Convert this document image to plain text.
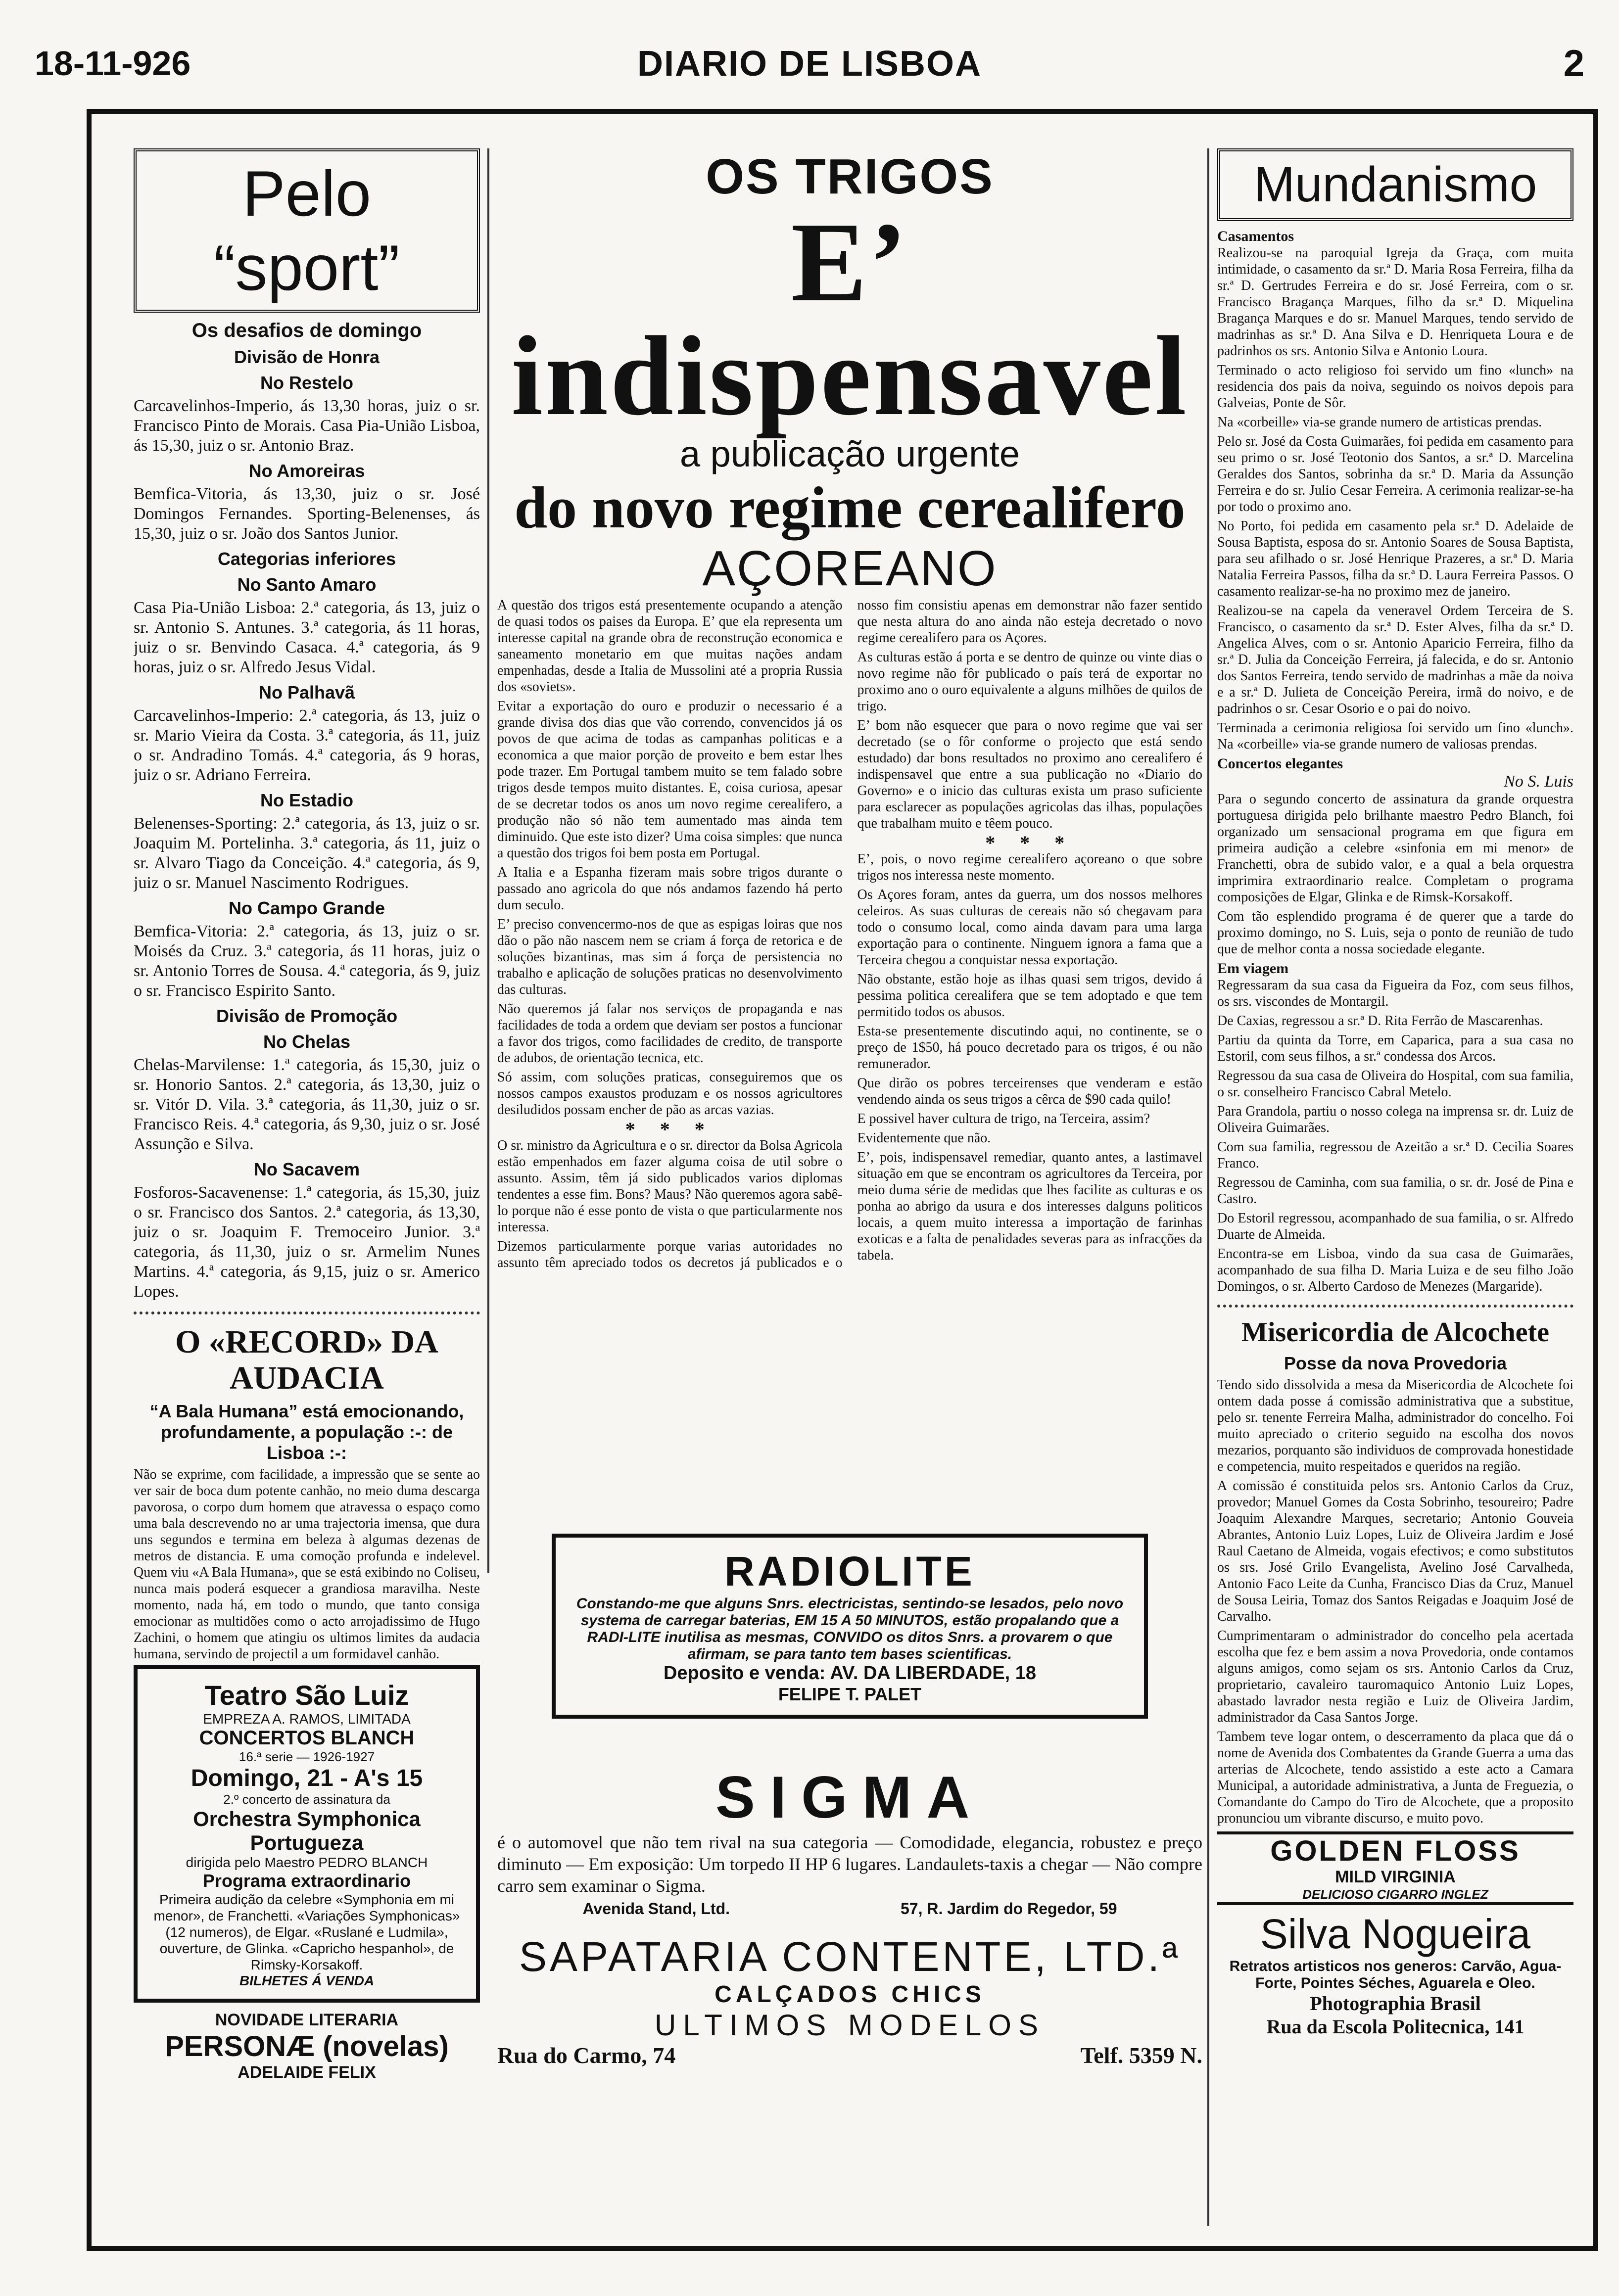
18-11-926	DIARIO DE LISBOA	2
Pelo “sport”
Os desafios de domingo
Divisão de Honra
No Restelo

Carcavelinhos-Imperio, ás 13,30 horas, juiz o sr. Francisco Pinto de Morais. Casa Pia-União Lisboa, ás 15,30, juiz o sr. Antonio Braz.

No Amoreiras

Bemfica-Vitoria, ás 13,30, juiz o sr. José Domingos Fernandes. Sporting-Belenenses, ás 15,30, juiz o sr. João dos Santos Junior.

Categorias inferiores
No Santo Amaro

Casa Pia-União Lisboa: 2.ª categoria, ás 13, juiz o sr. Antonio S. Antunes. 3.ª categoria, ás 11 horas, juiz o sr. Benvindo Casaca. 4.ª categoria, ás 9 horas, juiz o sr. Alfredo Jesus Vidal.

No Palhavã

Carcavelinhos-Imperio: 2.ª categoria, ás 13, juiz o sr. Mario Vieira da Costa. 3.ª categoria, ás 11, juiz o sr. Andradino Tomás. 4.ª categoria, ás 9 horas, juiz o sr. Adriano Ferreira.

No Estadio

Belenenses-Sporting: 2.ª categoria, ás 13, juiz o sr. Joaquim M. Portelinha. 3.ª categoria, ás 11, juiz o sr. Alvaro Tiago da Conceição. 4.ª categoria, ás 9, juiz o sr. Manuel Nascimento Rodrigues.

No Campo Grande

Bemfica-Vitoria: 2.ª categoria, ás 13, juiz o sr. Moisés da Cruz. 3.ª categoria, ás 11 horas, juiz o sr. Antonio Torres de Sousa. 4.ª categoria, ás 9, juiz o sr. Francisco Espirito Santo.

Divisão de Promoção
No Chelas

Chelas-Marvilense: 1.ª categoria, ás 15,30, juiz o sr. Honorio Santos. 2.ª categoria, ás 13,30, juiz o sr. Vitór D. Vila. 3.ª categoria, ás 11,30, juiz o sr. Francisco Reis. 4.ª categoria, ás 9,30, juiz o sr. José Assunção e Silva.

No Sacavem

Fosforos-Sacavenense: 1.ª categoria, ás 15,30, juiz o sr. Francisco dos Santos. 2.ª categoria, ás 13,30, juiz o sr. Joaquim F. Tremoceiro Junior. 3.ª categoria, ás 11,30, juiz o sr. Armelim Nunes Martins. 4.ª categoria, ás 9,15, juiz o sr. Americo Lopes.

O «RECORD» DA AUDACIA
“A Bala Humana” está emocionando, profundamente, a população :-: de Lisboa :-:

Não se exprime, com facilidade, a impressão que se sente ao ver sair de boca dum potente canhão, no meio duma descarga pavorosa, o corpo dum homem que atravessa o espaço como uma bala descrevendo no ar uma trajectoria imensa, que dura uns segundos e termina em beleza à algumas dezenas de metros de distancia. E uma comoção profunda e indelevel. Quem viu «A Bala Humana», que se está exibindo no Coliseu, nunca mais poderá esquecer a grandiosa maravilha. Neste momento, nada há, em todo o mundo, que tanto consiga emocionar as multidões como o acto arrojadissimo de Hugo Zachini, o homem que atingiu os ultimos limites da audacia humana, servindo de projectil a um formidavel canhão.

Teatro São Luiz
EMPREZA A. RAMOS, LIMITADA
CONCERTOS BLANCH
16.ª serie — 1926-1927
Domingo, 21 - A's 15
2.º concerto de assinatura da
Orchestra Symphonica Portugueza
dirigida pelo Maestro PEDRO BLANCH
Programa extraordinario
Primeira audição da celebre «Symphonia em mi menor», de Franchetti. «Variações Symphonicas» (12 numeros), de Elgar. «Ruslané e Ludmila», ouverture, de Glinka. «Capricho hespanhol», de Rimsky-Korsakoff.
BILHETES Á VENDA
NOVIDADE LITERARIA
PERSONÆ (novelas)
ADELAIDE FELIX
OS TRIGOS
E’ indispensavel
a publicação urgente
do novo regime cerealifero
AÇOREANO

A questão dos trigos está presentemente ocupando a atenção de quasi todos os paises da Europa. E’ que ela representa um interesse capital na grande obra de reconstrução economica e saneamento monetario em que muitas nações andam empenhadas, desde a Italia de Mussolini até a propria Russia dos «soviets».

Evitar a exportação do ouro e produzir o necessario é a grande divisa dos dias que vão correndo, convencidos já os povos de que acima de todas as campanhas politicas e a economica a que maior porção de proveito e bem estar lhes pode trazer. Em Portugal tambem muito se tem falado sobre trigos desde tempos muito distantes. E, coisa curiosa, apesar de se decretar todos os anos um novo regime cerealifero, a produção não só não tem aumentado mas ainda tem diminuido. Que este isto dizer? Uma coisa simples: que nunca a questão dos trigos foi bem posta em Portugal.

A Italia e a Espanha fizeram mais sobre trigos durante o passado ano agricola do que nós andamos fazendo há perto dum seculo.

E’ preciso convencermo-nos de que as espigas loiras que nos dão o pão não nascem nem se criam á força de retorica e de soluções bizantinas, mas sim á força de persistencia no trabalho e aplicação de soluções praticas no desenvolvimento das culturas.

Não queremos já falar nos serviços de propaganda e nas facilidades de toda a ordem que deviam ser postos a funcionar a favor dos trigos, como facilidades de credito, de transporte de adubos, de orientação tecnica, etc.

Só assim, com soluções praticas, conseguiremos que os nossos campos exaustos produzam e os nossos agricultores desiludidos possam encher de pão as arcas vazias.

* * *

O sr. ministro da Agricultura e o sr. director da Bolsa Agricola estão empenhados em fazer alguma coisa de util sobre o assunto. Assim, têm já sido publicados varios diplomas tendentes a esse fim. Bons? Maus? Não queremos agora sabê-lo porque não é esse ponto de vista o que particularmente nos interessa.

Dizemos particularmente porque varias autoridades no assunto têm apreciado todos os decretos já publicados e o nosso fim consistiu apenas em demonstrar não fazer sentido que nesta altura do ano ainda não esteja decretado o novo regime cerealifero para os Açores.

As culturas estão á porta e se dentro de quinze ou vinte dias o novo regime não fôr publicado o país terá de exportar no proximo ano o ouro equivalente a alguns milhões de quilos de trigo.

E’ bom não esquecer que para o novo regime que vai ser decretado (se o fôr conforme o projecto que está sendo estudado) dar bons resultados no proximo ano cerealifero é indispensavel que entre a sua publicação no «Diario do Governo» e o inicio das culturas exista um praso suficiente para esclarecer as populações agricolas das ilhas, populações que trabalham muito e têem pouco.

* * *

E’, pois, o novo regime cerealifero açoreano o que sobre trigos nos interessa neste momento.

Os Açores foram, antes da guerra, um dos nossos melhores celeiros. As suas culturas de cereais não só chegavam para todo o consumo local, como ainda davam para uma larga exportação para o continente. Ninguem ignora a fama que a Terceira chegou a conquistar nessa exportação.

Não obstante, estão hoje as ilhas quasi sem trigos, devido á pessima politica cerealifera que se tem adoptado e que tem permitido todos os abusos.

Esta-se presentemente discutindo aqui, no continente, se o preço de 1$50, há pouco decretado para os trigos, é ou não remunerador.

Que dirão os pobres terceirenses que venderam e estão vendendo ainda os seus trigos a cêrca de $90 cada quilo!

E possivel haver cultura de trigo, na Terceira, assim?

Evidentemente que não.

E’, pois, indispensavel remediar, quanto antes, a lastimavel situação em que se encontram os agricultores da Terceira, por meio duma série de medidas que lhes facilite as culturas e os ponha ao abrigo da usura e dos interesses dalguns politicos locais, a quem muito interessa a importação de farinhas exoticas e a falta de penalidades severas para as infracções da tabela.

RADIOLITE
Constando-me que alguns Snrs. electricistas, sentindo-se lesados, pelo novo systema de carregar baterias, EM 15 A 50 MINUTOS, estão propalando que a RADI-LITE inutilisa as mesmas, CONVIDO os ditos Snrs. a provarem o que afirmam, se para tanto tem bases scientificas.
Deposito e venda: AV. DA LIBERDADE, 18
FELIPE T. PALET
SIGMA

é o automovel que não tem rival na sua categoria — Comodidade, elegancia, robustez e preço diminuto — Em exposição: Um torpedo II HP 6 lugares. Landaulets-taxis a chegar — Não compre carro sem examinar o Sigma.

Avenida Stand, Ltd.	57, R. Jardim do Regedor, 59
SAPATARIA CONTENTE, LTD.ª
CALÇADOS CHICS
ULTIMOS MODELOS
Rua do Carmo, 74	Telf. 5359 N.
Mundanismo
Casamentos

Realizou-se na paroquial Igreja da Graça, com muita intimidade, o casamento da sr.ª D. Maria Rosa Ferreira, filha da sr.ª D. Gertrudes Ferreira e do sr. José Ferreira, com o sr. Francisco Bragança Marques, filho da sr.ª D. Miquelina Bragança Marques e do sr. Manuel Marques, tendo servido de madrinhas as sr.ª D. Ana Silva e D. Henriqueta Loura e de padrinhos os srs. Antonio Silva e Antonio Loura.

Terminado o acto religioso foi servido um fino «lunch» na residencia dos pais da noiva, seguindo os noivos depois para Galveias, Ponte de Sôr.

Na «corbeille» via-se grande numero de artisticas prendas.

Pelo sr. José da Costa Guimarães, foi pedida em casamento para seu primo o sr. José Teotonio dos Santos, a sr.ª D. Marcelina Geraldes dos Santos, sobrinha da sr.ª D. Maria da Assunção Ferreira e do sr. Julio Cesar Ferreira. A cerimonia realizar-se-ha por todo o proximo ano.

No Porto, foi pedida em casamento pela sr.ª D. Adelaide de Sousa Baptista, esposa do sr. Antonio Soares de Sousa Baptista, para seu afilhado o sr. José Henrique Prazeres, a sr.ª D. Maria Natalia Ferreira Passos, filha da sr.ª D. Laura Ferreira Passos. O casamento realizar-se-ha no proximo mez de janeiro.

Realizou-se na capela da veneravel Ordem Terceira de S. Francisco, o casamento da sr.ª D. Ester Alves, filha da sr.ª D. Angelica Alves, com o sr. Antonio Aparicio Ferreira, filho da sr.ª D. Julia da Conceição Ferreira, já falecida, e do sr. Antonio dos Santos Ferreira, tendo servido de madrinhas a mãe da noiva e a sr.ª D. Julieta de Conceição Pereira, irmã do noivo, e de padrinhos o sr. Cesar Osorio e o pai do noivo.

Terminada a cerimonia religiosa foi servido um fino «lunch». Na «corbeille» via-se grande numero de valiosas prendas.

Concertos elegantes
No S. Luis

Para o segundo concerto de assinatura da grande orquestra portuguesa dirigida pelo brilhante maestro Pedro Blanch, foi organizado um sensacional programa em que figura em primeira audição a celebre «sinfonia em mi menor» de Franchetti, obra de subido valor, e a qual a bela orquestra imprimira extraordinario realce. Completam o programa composições de Elgar, Glinka e de Rimsk-Korsakoff.

Com tão esplendido programa é de querer que a tarde do proximo domingo, no S. Luis, seja o ponto de reunião de tudo que de melhor conta a nossa sociedade elegante.

Em viagem

Regressaram da sua casa da Figueira da Foz, com seus filhos, os srs. viscondes de Montargil.

De Caxias, regressou a sr.ª D. Rita Ferrão de Mascarenhas.

Partiu da quinta da Torre, em Caparica, para a sua casa no Estoril, com seus filhos, a sr.ª condessa dos Arcos.

Regressou da sua casa de Oliveira do Hospital, com sua familia, o sr. conselheiro Francisco Cabral Metelo.

Para Grandola, partiu o nosso colega na imprensa sr. dr. Luiz de Oliveira Guimarães.

Com sua familia, regressou de Azeitão a sr.ª D. Cecilia Soares Franco.

Regressou de Caminha, com sua familia, o sr. dr. José de Pina e Castro.

Do Estoril regressou, acompanhado de sua familia, o sr. Alfredo Duarte de Almeida.

Encontra-se em Lisboa, vindo da sua casa de Guimarães, acompanhado de sua filha D. Maria Luiza e de seu filho João Domingos, o sr. Alberto Cardoso de Menezes (Margaride).

Misericordia de Alcochete
Posse da nova Provedoria

Tendo sido dissolvida a mesa da Misericordia de Alcochete foi ontem dada posse á comissão administrativa que a substitue, pelo sr. tenente Ferreira Malha, administrador do concelho. Foi muito apreciado o criterio seguido na escolha dos novos mezarios, porquanto são individuos de comprovada honestidade e competencia, muito respeitados e queridos na região.

A comissão é constituida pelos srs. Antonio Carlos da Cruz, provedor; Manuel Gomes da Costa Sobrinho, tesoureiro; Padre Joaquim Alexandre Marques, secretario; Antonio Gouveia Abrantes, Antonio Luiz Lopes, Luiz de Oliveira Jardim e José Raul Caetano de Almeida, vogais efectivos; e como substitutos os srs. José Grilo Evangelista, Avelino José Carvalheda, Antonio Faco Leite da Cunha, Francisco Dias da Cruz, Manuel de Sousa Leiria, Tomaz dos Santos Reigadas e Joaquim José de Carvalho.

Cumprimentaram o administrador do concelho pela acertada escolha que fez e bem assim a nova Provedoria, onde contamos alguns amigos, como sejam os srs. Antonio Carlos da Cruz, proprietario, cavaleiro tauromaquico Antonio Luiz Lopes, abastado lavrador nesta região e Luiz de Oliveira Jardim, administrador da Casa Santos Jorge.

Tambem teve logar ontem, o descerramento da placa que dá o nome de Avenida dos Combatentes da Grande Guerra a uma das arterias de Alcochete, tendo assistido a este acto a Camara Municipal, a autoridade administrativa, a Junta de Freguezia, o Comandante do Campo do Tiro de Alcochete, que a proposito pronunciou um vibrante discurso, e muito povo.

GOLDEN FLOSS
MILD VIRGINIA
DELICIOSO CIGARRO INGLEZ
Silva Nogueira
Retratos artisticos nos generos: Carvão, Agua-Forte, Pointes Séches, Aguarela e Oleo.
Photographia Brasil
Rua da Escola Politecnica, 141
